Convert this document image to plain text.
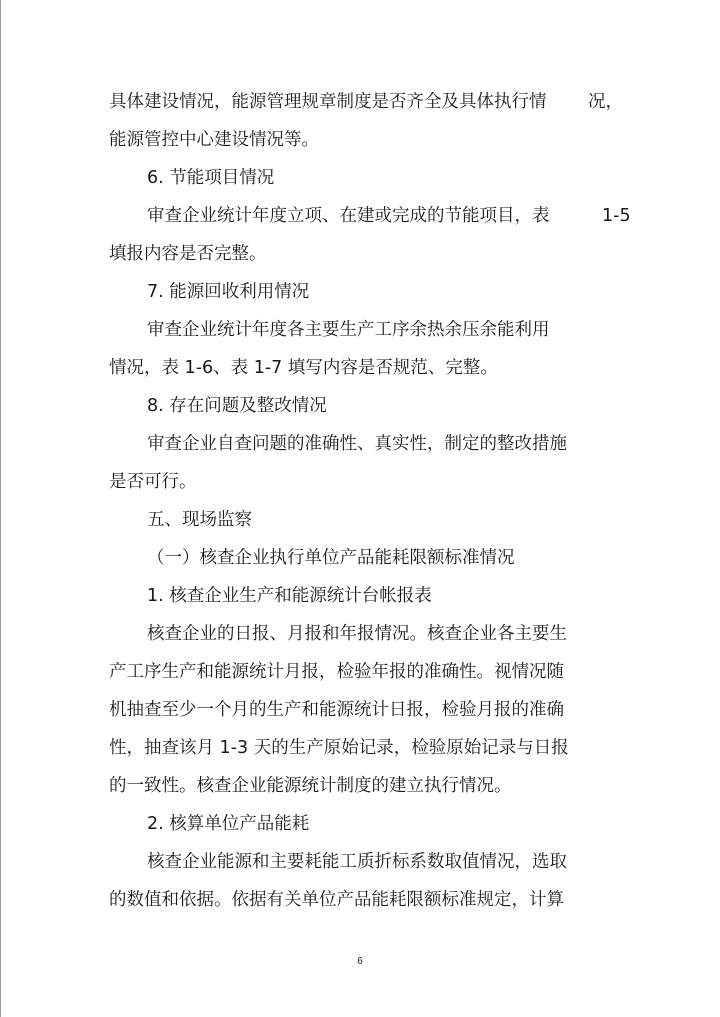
具体建设情况，能源管理规章制度是否齐全及具体执行情 况，
能源管控中心建设情况等。
6. 节能项目情况
审查企业统计年度立项、在建或完成的节能项目，表	1-5
填报内容是否完整。
7. 能源回收利用情况
审查企业统计年度各主要生产工序余热余压余能利用
情况，表 1-6、表 1-7 填写内容是否规范、完整。
8. 存在问题及整改情况
审查企业自查问题的准确性、真实性，制定的整改措施
是否可行。
五、现场监察
（一）核查企业执行单位产品能耗限额标准情况
1. 核查企业生产和能源统计台帐报表
核查企业的日报、月报和年报情况。核查企业各主要生
产工序生产和能源统计月报，检验年报的准确性。视情况随
机抽查至少一个月的生产和能源统计日报，检验月报的准确
性，抽查该月 1-3 天的生产原始记录，检验原始记录与日报
的一致性。核查企业能源统计制度的建立执行情况。
2. 核算单位产品能耗
核查企业能源和主要耗能工质折标系数取值情况，选取
的数值和依据。依据有关单位产品能耗限额标准规定，计算
6
